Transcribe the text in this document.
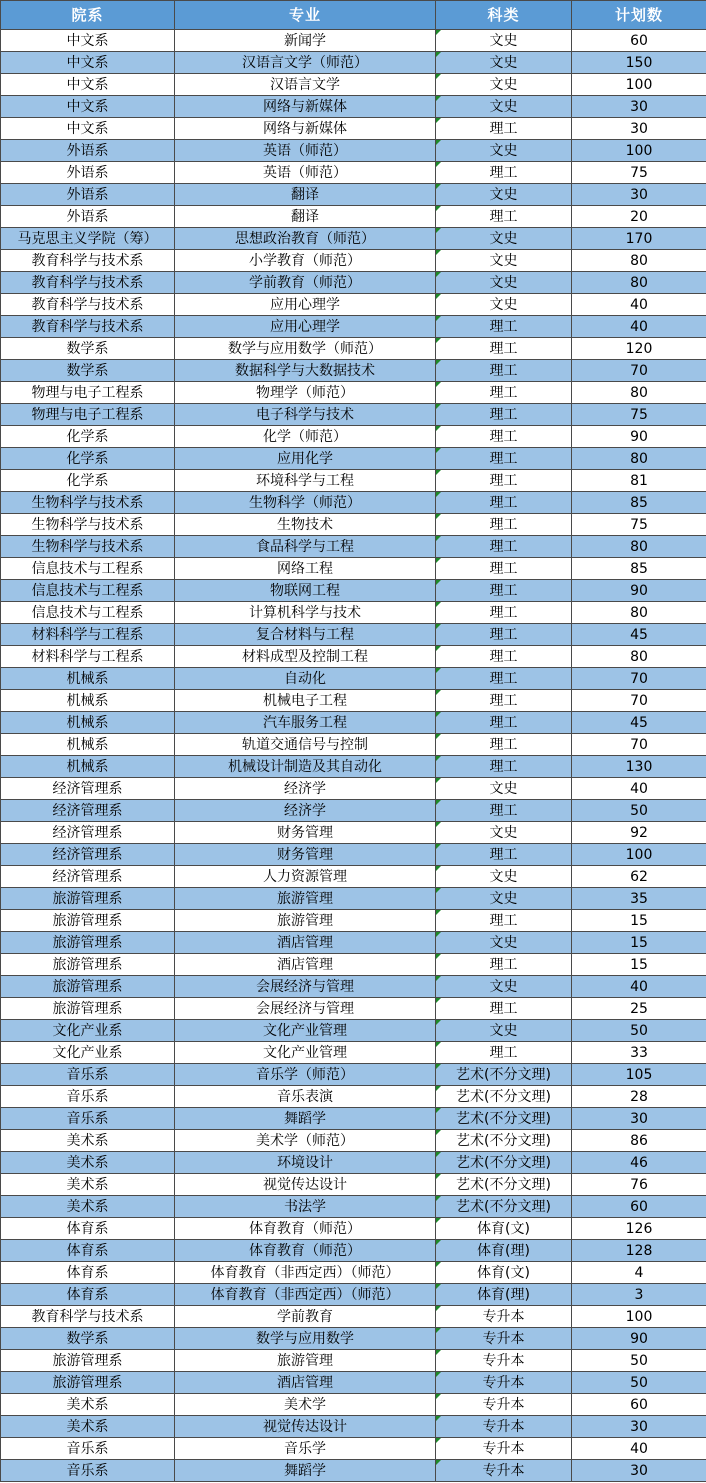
院系	专业	科类	计划数
中文系	新闻学	文史	60
中文系	汉语言文学（师范）	文史	150
中文系	汉语言文学	文史	100
中文系	网络与新媒体	文史	30
中文系	网络与新媒体	理工	30
外语系	英语（师范）	文史	100
外语系	英语（师范）	理工	75
外语系	翻译	文史	30
外语系	翻译	理工	20
马克思主义学院（筹）	思想政治教育（师范）	文史	170
教育科学与技术系	小学教育（师范）	文史	80
教育科学与技术系	学前教育（师范）	文史	80
教育科学与技术系	应用心理学	文史	40
教育科学与技术系	应用心理学	理工	40
数学系	数学与应用数学（师范）	理工	120
数学系	数据科学与大数据技术	理工	70
物理与电子工程系	物理学（师范）	理工	80
物理与电子工程系	电子科学与技术	理工	75
化学系	化学（师范）	理工	90
化学系	应用化学	理工	80
化学系	环境科学与工程	理工	81
生物科学与技术系	生物科学（师范）	理工	85
生物科学与技术系	生物技术	理工	75
生物科学与技术系	食品科学与工程	理工	80
信息技术与工程系	网络工程	理工	85
信息技术与工程系	物联网工程	理工	90
信息技术与工程系	计算机科学与技术	理工	80
材料科学与工程系	复合材料与工程	理工	45
材料科学与工程系	材料成型及控制工程	理工	80
机械系	自动化	理工	70
机械系	机械电子工程	理工	70
机械系	汽车服务工程	理工	45
机械系	轨道交通信号与控制	理工	70
机械系	机械设计制造及其自动化	理工	130
经济管理系	经济学	文史	40
经济管理系	经济学	理工	50
经济管理系	财务管理	文史	92
经济管理系	财务管理	理工	100
经济管理系	人力资源管理	文史	62
旅游管理系	旅游管理	文史	35
旅游管理系	旅游管理	理工	15
旅游管理系	酒店管理	文史	15
旅游管理系	酒店管理	理工	15
旅游管理系	会展经济与管理	文史	40
旅游管理系	会展经济与管理	理工	25
文化产业系	文化产业管理	文史	50
文化产业系	文化产业管理	理工	33
音乐系	音乐学（师范）	艺术(不分文理)	105
音乐系	音乐表演	艺术(不分文理)	28
音乐系	舞蹈学	艺术(不分文理)	30
美术系	美术学（师范）	艺术(不分文理)	86
美术系	环境设计	艺术(不分文理)	46
美术系	视觉传达设计	艺术(不分文理)	76
美术系	书法学	艺术(不分文理)	60
体育系	体育教育（师范）	体育(文)	126
体育系	体育教育（师范）	体育(理)	128
体育系	体育教育（非西定西）（师范）	体育(文)	4
体育系	体育教育（非西定西）（师范）	体育(理)	3
教育科学与技术系	学前教育	专升本	100
数学系	数学与应用数学	专升本	90
旅游管理系	旅游管理	专升本	50
旅游管理系	酒店管理	专升本	50
美术系	美术学	专升本	60
美术系	视觉传达设计	专升本	30
音乐系	音乐学	专升本	40
音乐系	舞蹈学	专升本	30
